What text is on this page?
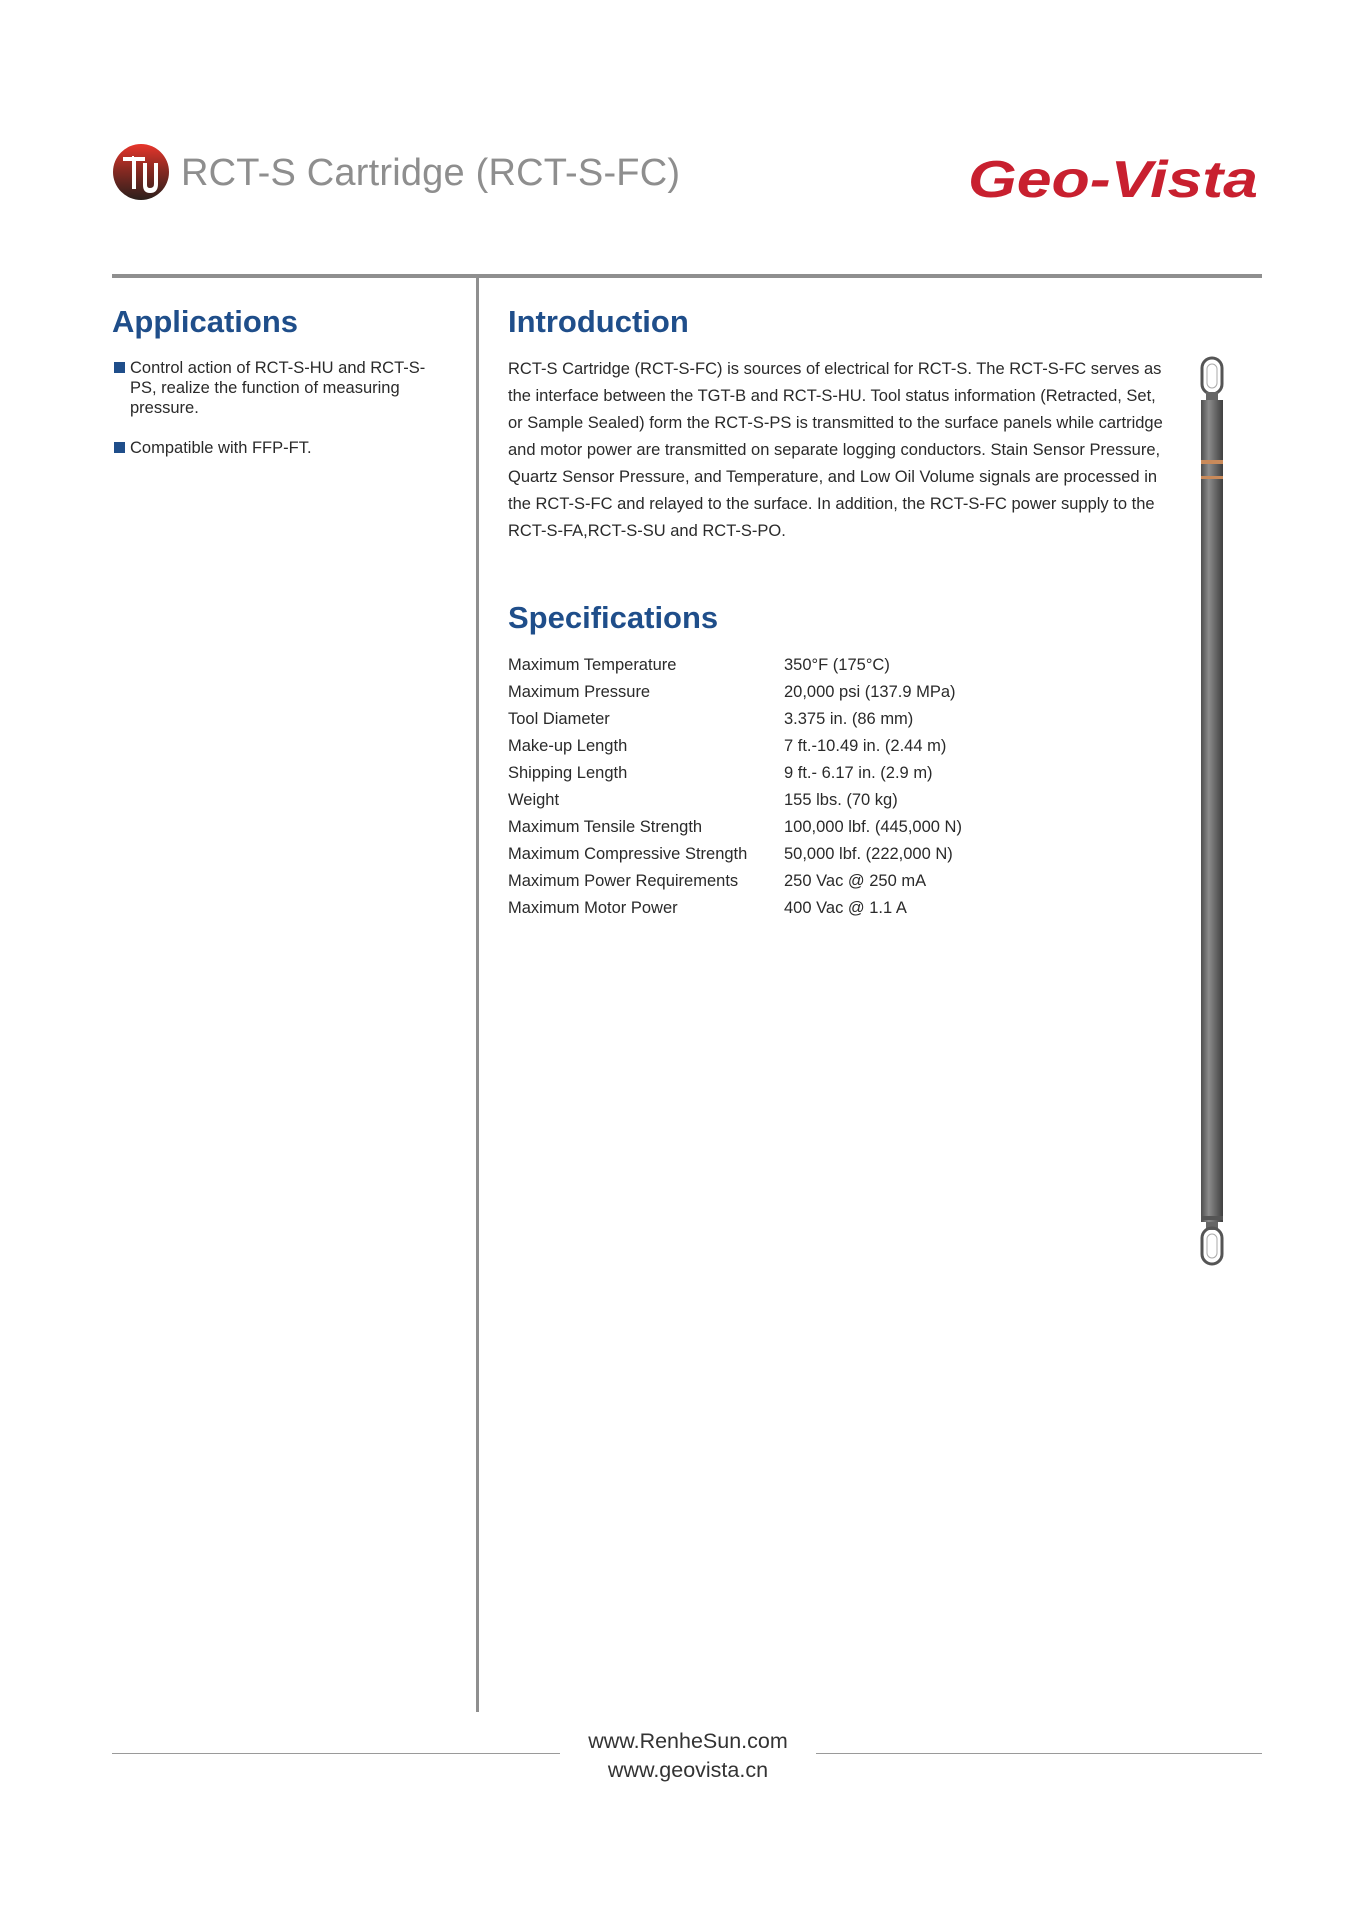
RCT-S Cartridge (RCT-S-FC)	Geo-Vista
Applications
Control action of RCT-S-HU and RCT-S-PS, realize the function of measuring pressure.
Compatible with FFP-FT.
Introduction

RCT-S Cartridge (RCT-S-FC) is sources of electrical for RCT-S. The RCT-S-FC serves as the interface between the TGT-B and RCT-S-HU. Tool status information (Retracted, Set, or Sample Sealed) form the RCT-S-PS is transmitted to the surface panels while cartridge and motor power are transmitted on separate logging conductors. Stain Sensor Pressure, Quartz Sensor Pressure, and Temperature, and Low Oil Volume signals are processed in the RCT-S-FC and relayed to the surface. In addition, the RCT-S-FC power supply to the RCT-S-FA,RCT-S-SU and RCT-S-PO.

Specifications
Maximum Temperature	350°F (175°C)
Maximum Pressure	20,000 psi (137.9 MPa)
Tool Diameter	3.375 in. (86 mm)
Make-up Length	7 ft.-10.49 in. (2.44 m)
Shipping Length	9 ft.- 6.17 in. (2.9 m)
Weight	155 lbs. (70 kg)
Maximum Tensile Strength	100,000 lbf. (445,000 N)
Maximum Compressive Strength	50,000 lbf. (222,000 N)
Maximum Power Requirements	250 Vac @ 250 mA
Maximum Motor Power	400 Vac @ 1.1 A
www.RenheSun.com
www.geovista.cn
